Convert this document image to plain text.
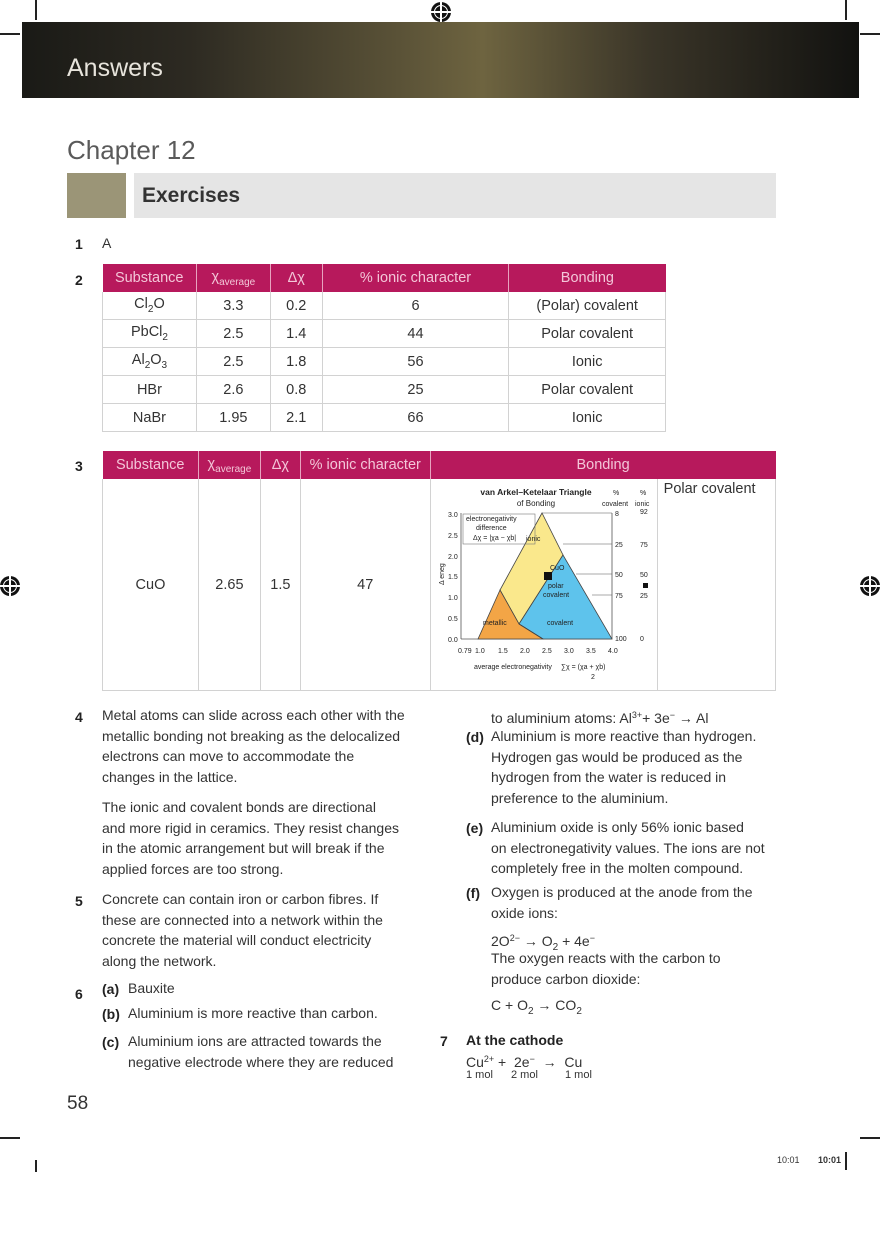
Answers
Chapter 12
Exercises
1 A
2 Substance	$\chi_{average}$	Δχ	% ionic character	Bonding
$Cl_2O$	3.3	0.2	6	(Polar) covalent
PbCl$_2$	2.5	1.4	44	Polar covalent
$Al_2O_3$	2.5	1.8	56	Ionic
HBr	2.6	0.8	25	Polar covalent
NaBr	1.95	2.1	66	Ionic
3 Substance	$\chi_{average}$	Δχ	% ionic character	Bonding
CuO	2.65	1.5	47	Polar covalent
van Arkel–Ketelaar Triangle
of Bonding
%	%
covalent ionic
electronegativity
difference
Δχ = |χa − χb|
3.0
2.5
2.0
1.5
1.0
0.5
0.0
0.79 1.0 1.5 2.0 2.5 3.0 3.5 4.0
8
25
50
75
100
92
75
50
25
0
ionic
CuO
polar
covalent
metallic	covalent
average electronegativity ∑χ = (χa + χb)
2
Δ eneg
4 Metal atoms can slide across each other with the
metallic bonding not breaking as the delocalized
electrons can move to accommodate the
changes in the lattice.
The ionic and covalent bonds are directional
and more rigid in ceramics. They resist changes
in the atomic arrangement but will break if the
applied forces are too strong.
5 Concrete can contain iron or carbon fibres. If
these are connected into a network within the
concrete the material will conduct electricity
along the network.
6 (a) Bauxite
(b) Aluminium is more reactive than carbon.
(c) Aluminium ions are attracted towards the
negative electrode where they are reduced
to aluminium atoms: $Al^{3+}+ 3e^- \to Al$
(d) Aluminium is more reactive than hydrogen.
Hydrogen gas would be produced as the
hydrogen from the water is reduced in
preference to the aluminium.
(e) Aluminium oxide is only 56% ionic based
on electronegativity values. The ions are not
completely free in the molten compound.
(f) Oxygen is produced at the anode from the
oxide ions:
$2O^{2-} \to O_2 + 4e^-$
The oxygen reacts with the carbon to
produce carbon dioxide:
$C + O_2 \to CO_2$
7 At the cathode
$Cu^{2+} + 2e^- \to Cu$
1 mol 2 mol 1 mol
58
10:01 10:01
